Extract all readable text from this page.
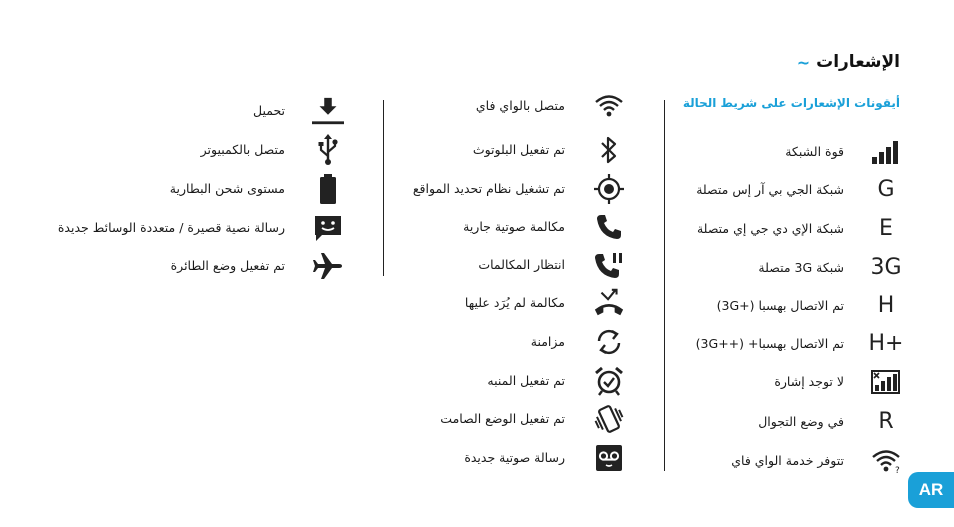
الإشعارات
~
أيقونات الإشعارات على شريط الحالة
قوة الشبكة
G
شبكة الجي بي آر إس متصلة
E
شبكة الإي دي جي إي متصلة
3G
شبكة 3G متصلة
H
تم الاتصال بهسبا (+3G)
H+
تم الاتصال بهسبا+ (++3G)
لا توجد إشارة
R
في وضع التجوال
?
تتوفر خدمة الواي فاي
متصل بالواي فاي
تم تفعيل البلوتوث
تم تشغيل نظام تحديد المواقع
مكالمة صوتية جارية
انتظار المكالمات
مكالمة لم يُرَد عليها
مزامنة
تم تفعيل المنبه
تم تفعيل الوضع الصامت
رسالة صوتية جديدة
تحميل
متصل بالكمبيوتر
مستوى شحن البطارية
رسالة نصية قصيرة / متعددة الوسائط جديدة
تم تفعيل وضع الطائرة
AR
